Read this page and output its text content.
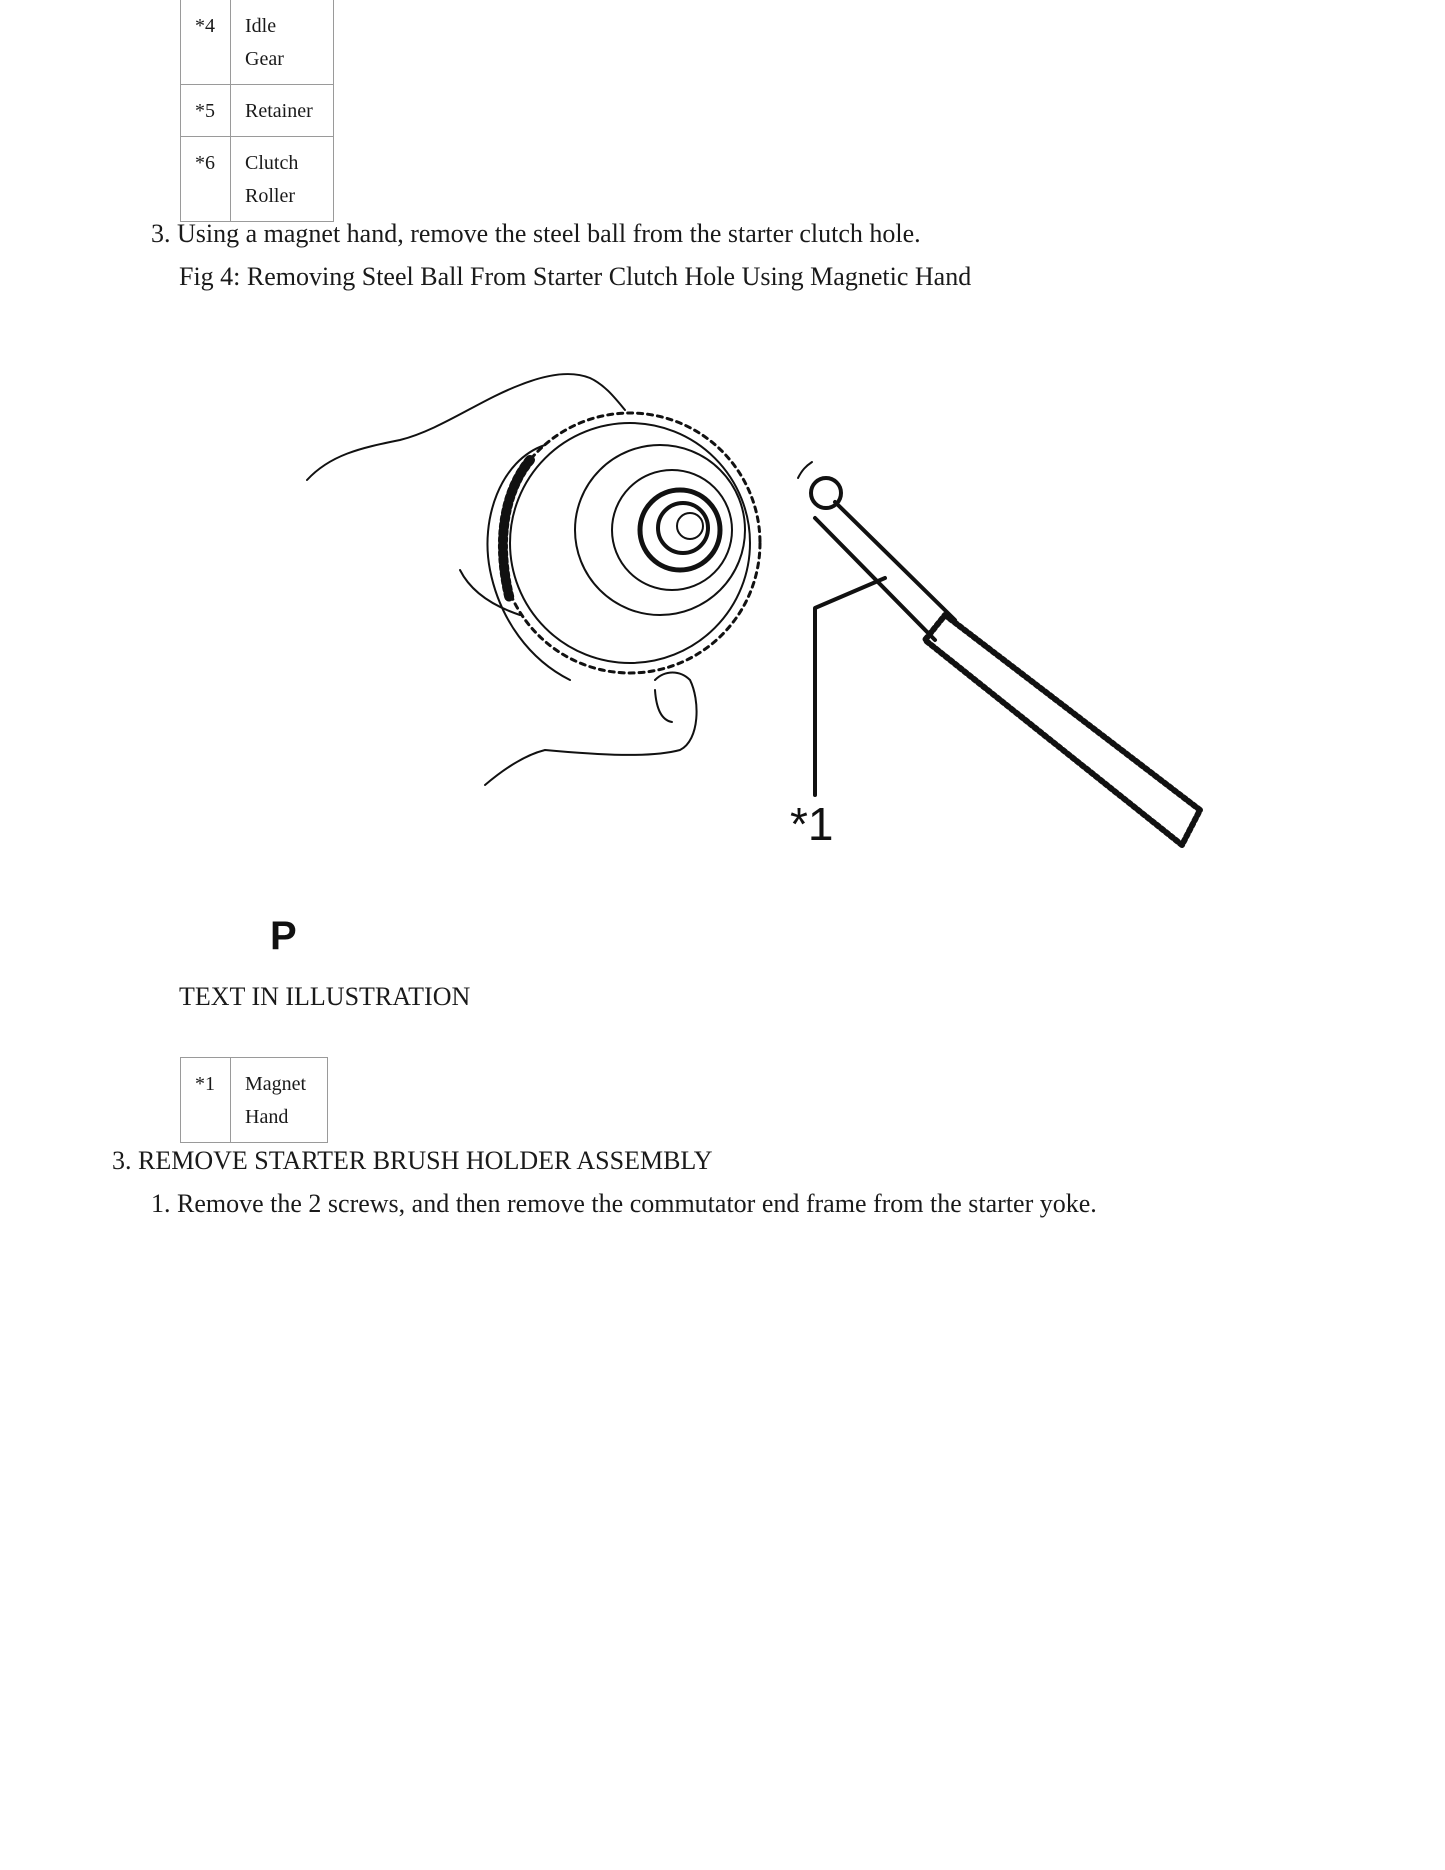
*4	Idle
Gear
*5	Retainer
*6	Clutch
Roller
3. Using a magnet hand, remove the steel ball from the starter clutch hole.
Fig 4: Removing Steel Ball From Starter Clutch Hole Using Magnetic Hand
*1
P
TEXT IN ILLUSTRATION
*1	Magnet
Hand
3. REMOVE STARTER BRUSH HOLDER ASSEMBLY
1. Remove the 2 screws, and then remove the commutator end frame from the starter yoke.
